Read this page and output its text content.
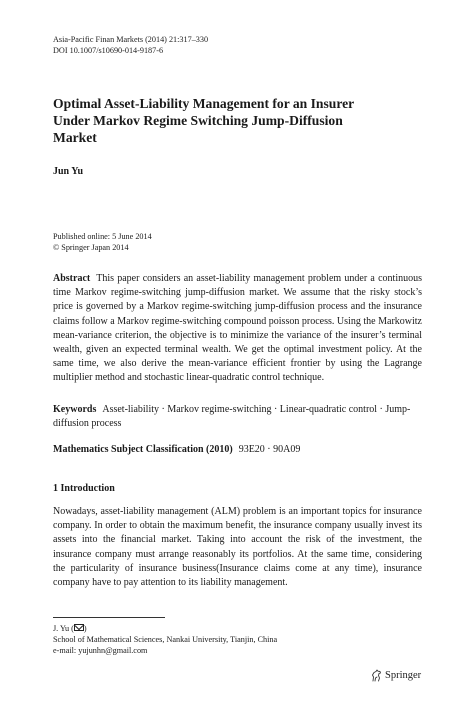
Asia-Pacific Finan Markets (2014) 21:317–330
DOI 10.1007/s10690-014-9187-6
Optimal Asset-Liability Management for an Insurer
Under Markov Regime Switching Jump-Diffusion
Market
Jun Yu
Published online: 5 June 2014
© Springer Japan 2014
Abstract This paper considers an asset-liability management problem under a continuous time Markov regime-switching jump-diffusion market. We assume that the risky stock’s price is governed by a Markov regime-switching jump-diffusion process and the insurance claims follow a Markov regime-switching compound poisson process. Using the Markowitz mean-variance criterion, the objective is to minimize the variance of the insurer’s terminal wealth, given an expected terminal wealth. We get the optimal investment policy. At the same time, we also derive the mean-variance efficient frontier by using the Lagrange multiplier method and stochastic linear-quadratic control technique.
Keywords Asset-liability · Markov regime-switching · Linear-quadratic control · Jump-diffusion process
Mathematics Subject Classification (2010) 93E20 · 90A09
1 Introduction
Nowadays, asset-liability management (ALM) problem is an important topics for insurance company. In order to obtain the maximum benefit, the insurance company usually invest its assets into the financial market. Taking into account the risk of the investment, the insurance company must arrange reasonably its portfolios. At the same time, considering the particularity of insurance business(Insurance claims come at any time), insurance company have to pay attention to its liability management.
J. Yu ( )
School of Mathematical Sciences, Nankai University, Tianjin, China
e-mail: yujunhn@gmail.com
Springer
